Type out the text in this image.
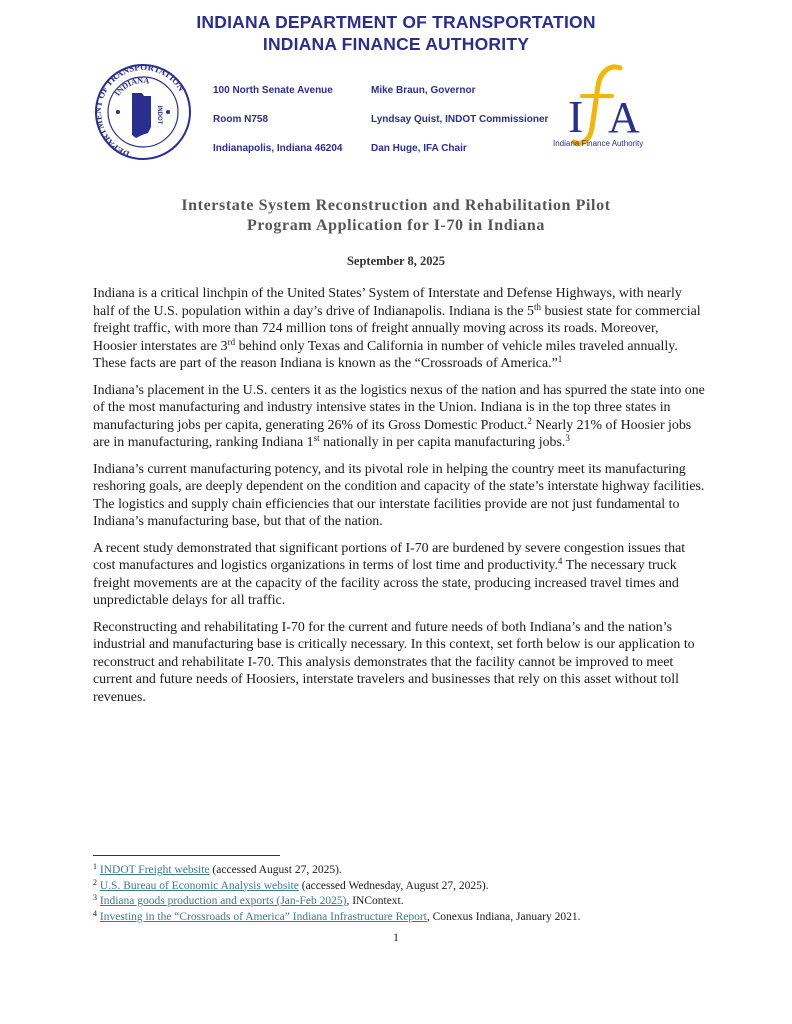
INDIANA DEPARTMENT OF TRANSPORTATION
INDIANA FINANCE AUTHORITY
DEPARTMENT OF TRANSPORTATION
INDIANA
INDOT
100 North Senate Avenue
Room N758
Indianapolis, Indiana 46204
Mike Braun, Governor
Lyndsay Quist, INDOT Commissioner
Dan Huge, IFA Chair
I A
Indiana Finance Authority
Interstate System Reconstruction and Rehabilitation Pilot
Program Application for I-70 in Indiana
September 8, 2025

Indiana is a critical linchpin of the United States’ System of Interstate and Defense Highways, with nearly half of the U.S. population within a day’s drive of Indianapolis. Indiana is the 5th busiest state for commercial freight traffic, with more than 724 million tons of freight annually moving across its roads. Moreover, Hoosier interstates are 3rd behind only Texas and California in number of vehicle miles traveled annually. These facts are part of the reason Indiana is known as the “Crossroads of America.”$^1$

Indiana’s placement in the U.S. centers it as the logistics nexus of the nation and has spurred the state into one of the most manufacturing and industry intensive states in the Union. Indiana is in the top three states in manufacturing jobs per capita, generating 26% of its Gross Domestic Product.$^2$ Nearly 21% of Hoosier jobs are in manufacturing, ranking Indiana 1st nationally in per capita manufacturing jobs.$^3$

Indiana’s current manufacturing potency, and its pivotal role in helping the country meet its manufacturing reshoring goals, are deeply dependent on the condition and capacity of the state’s interstate highway facilities. The logistics and supply chain efficiencies that our interstate facilities provide are not just fundamental to Indiana’s manufacturing base, but that of the nation.

A recent study demonstrated that significant portions of I-70 are burdened by severe congestion issues that cost manufactures and logistics organizations in terms of lost time and productivity.$^4$ The necessary truck freight movements are at the capacity of the facility across the state, producing increased travel times and unpredictable delays for all traffic.

Reconstructing and rehabilitating I-70 for the current and future needs of both Indiana’s and the nation’s industrial and manufacturing base is critically necessary. In this context, set forth below is our application to reconstruct and rehabilitate I-70. This analysis demonstrates that the facility cannot be improved to meet current and future needs of Hoosiers, interstate travelers and businesses that rely on this asset without toll revenues.

$^1$ INDOT Freight website (accessed August 27, 2025).

$^2$ U.S. Bureau of Economic Analysis website (accessed Wednesday, August 27, 2025).

$^3$ Indiana goods production and exports (Jan-Feb 2025), INContext.

$^4$ Investing in the “Crossroads of America” Indiana Infrastructure Report, Conexus Indiana, January 2021.

1
